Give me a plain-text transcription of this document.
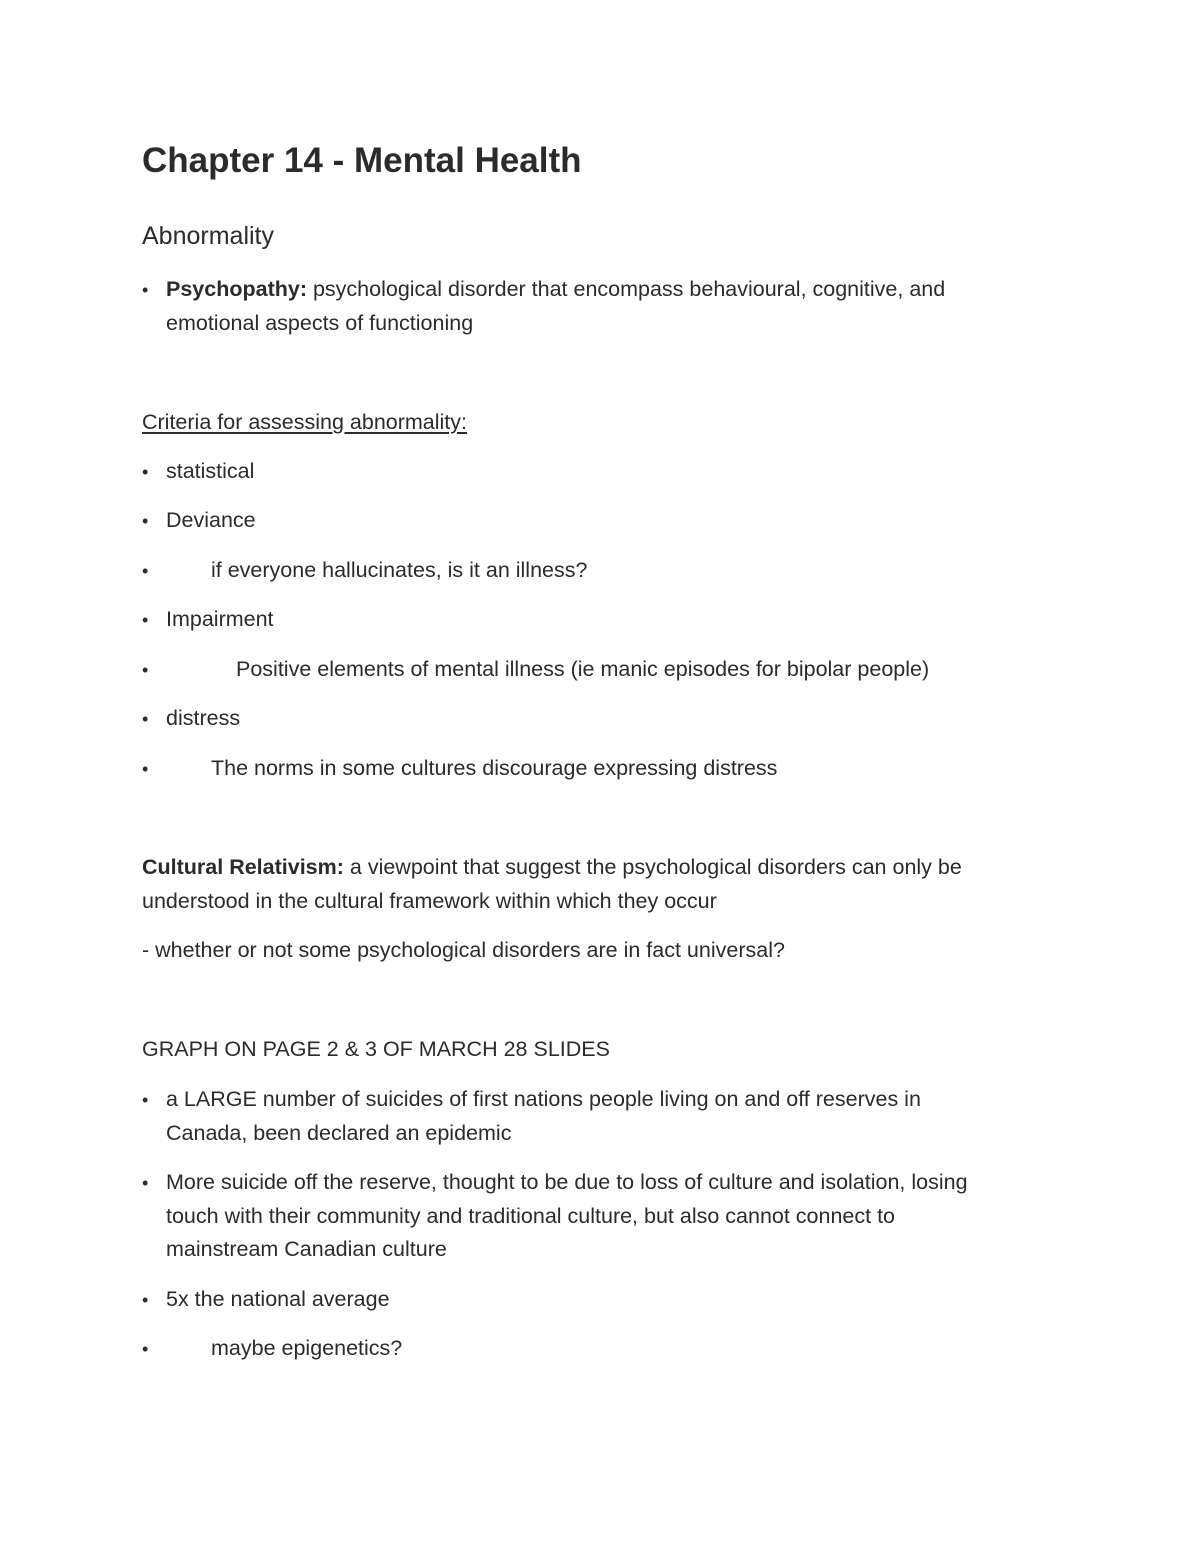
Chapter 14 - Mental Health
Abnormality
• Psychopathy: psychological disorder that encompass behavioural, cognitive, and
emotional aspects of functioning
Criteria for assessing abnormality:
• statistical
• Deviance
•	if everyone hallucinates, is it an illness?
• Impairment
•	Positive elements of mental illness (ie manic episodes for bipolar people)
• distress
•	The norms in some cultures discourage expressing distress
Cultural Relativism: a viewpoint that suggest the psychological disorders can only be
understood in the cultural framework within which they occur
- whether or not some psychological disorders are in fact universal?
GRAPH ON PAGE 2 & 3 OF MARCH 28 SLIDES
• a LARGE number of suicides of first nations people living on and off reserves in
Canada, been declared an epidemic
• More suicide off the reserve, thought to be due to loss of culture and isolation, losing
touch with their community and traditional culture, but also cannot connect to
mainstream Canadian culture
• 5x the national average
•	maybe epigenetics?
